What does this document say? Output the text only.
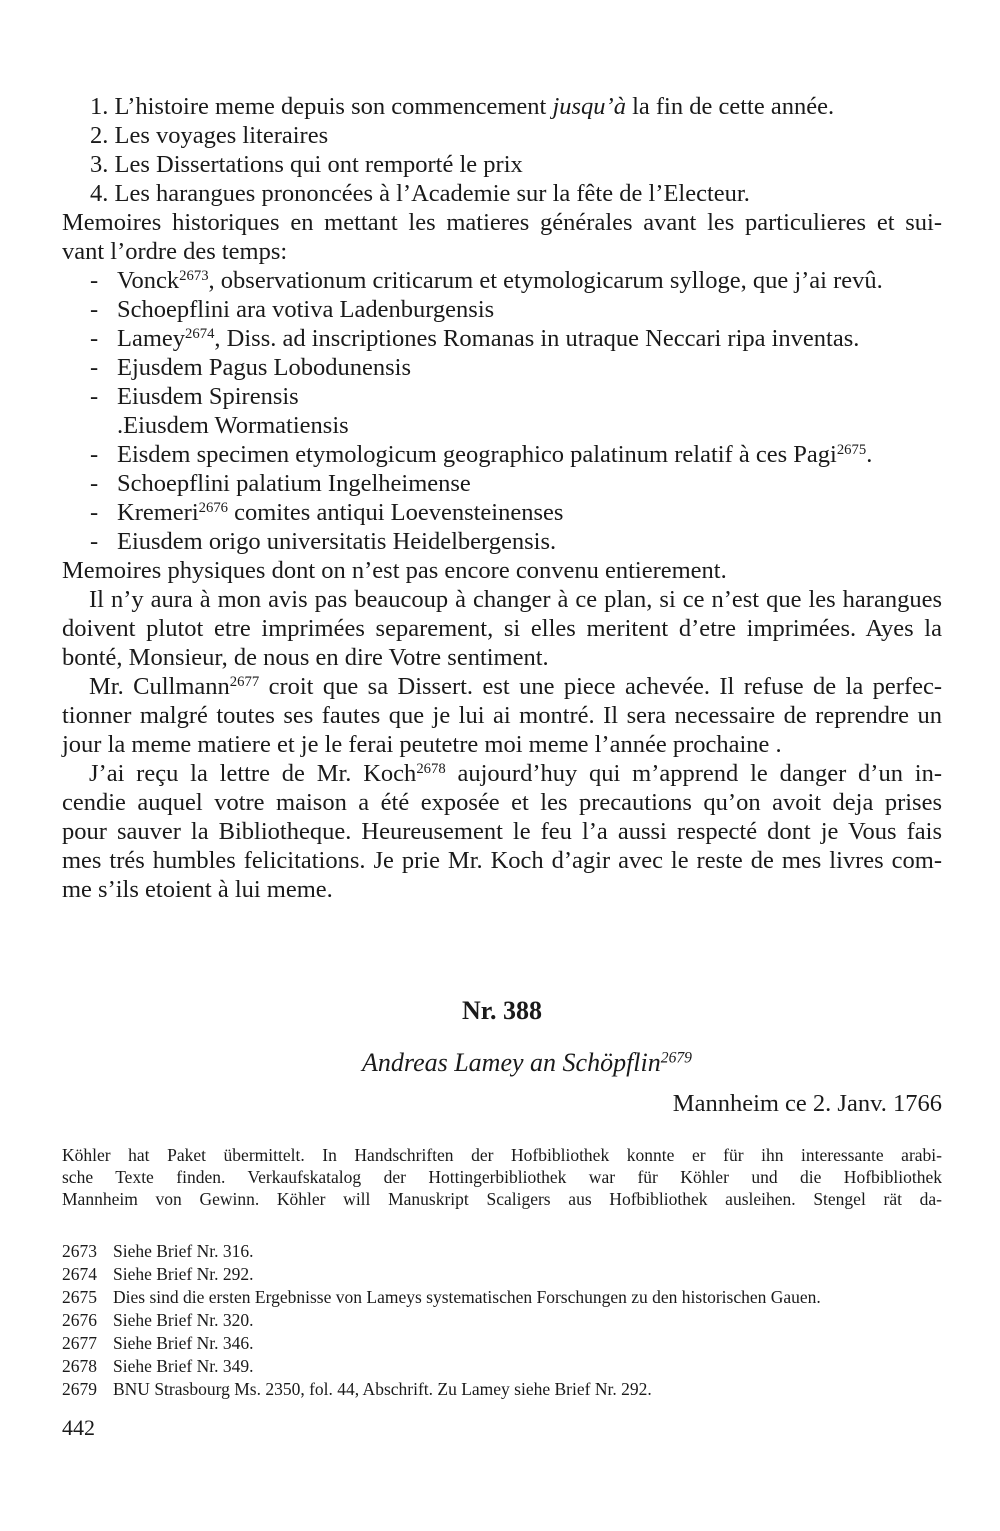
1. L’histoire meme depuis son commencement jusqu’à la fin de cette année.
2. Les voyages literaires
3. Les Dissertations qui ont remporté le prix
4. Les harangues prononcées à l’Academie sur la fête de l’Electeur.
Memoires historiques en mettant les matieres générales avant les particulieres et sui-
vant l’ordre des temps:
- Vonck$^{2673}$, observationum criticarum et etymologicarum sylloge, que j’ai revû.
- Schoepflini ara votiva Ladenburgensis
- Lamey$^{2674}$, Diss. ad inscriptiones Romanas in utraque Neccari ripa inventas.
- Ejusdem Pagus Lobodunensis
- Eiusdem Spirensis
.Eiusdem Wormatiensis
- Eisdem specimen etymologicum geographico palatinum relatif à ces Pagi$^{2675}$.
- Schoepflini palatium Ingelheimense
- Kremeri$^{2676}$ comites antiqui Loevensteinenses
- Eiusdem origo universitatis Heidelbergensis.
Memoires physiques dont on n’est pas encore convenu entierement.
Il n’y aura à mon avis pas beaucoup à changer à ce plan, si ce n’est que les harangues
doivent plutot etre imprimées separement, si elles meritent d’etre imprimées. Ayes la
bonté, Monsieur, de nous en dire Votre sentiment.
Mr. Cullmann$^{2677}$ croit que sa Dissert. est une piece achevée. Il refuse de la perfec-
tionner malgré toutes ses fautes que je lui ai montré. Il sera necessaire de reprendre un
jour la meme matiere et je le ferai peutetre moi meme l’année prochaine .
J’ai reçu la lettre de Mr. Koch$^{2678}$ aujourd’huy qui m’apprend le danger d’un in-
cendie auquel votre maison a été exposée et les precautions qu’on avoit deja prises
pour sauver la Bibliotheque. Heureusement le feu l’a aussi respecté dont je Vous fais
mes trés humbles felicitations. Je prie Mr. Koch d’agir avec le reste de mes livres com-
me s’ils etoient à lui meme.
Nr. 388
Andreas Lamey an Schöpflin$^{2679}$
Mannheim ce 2. Janv. 1766
Köhler hat Paket übermittelt. In Handschriften der Hofbibliothek konnte er für ihn interessante arabi-
sche Texte finden. Verkaufskatalog der Hottingerbibliothek war für Köhler und die Hofbibliothek
Mannheim von Gewinn. Köhler will Manuskript Scaligers aus Hofbibliothek ausleihen. Stengel rät da-
2673 Siehe Brief Nr. 316.
2674 Siehe Brief Nr. 292.
2675 Dies sind die ersten Ergebnisse von Lameys systematischen Forschungen zu den historischen Gauen.
2676 Siehe Brief Nr. 320.
2677 Siehe Brief Nr. 346.
2678 Siehe Brief Nr. 349.
2679 BNU Strasbourg Ms. 2350, fol. 44, Abschrift. Zu Lamey siehe Brief Nr. 292.
442
